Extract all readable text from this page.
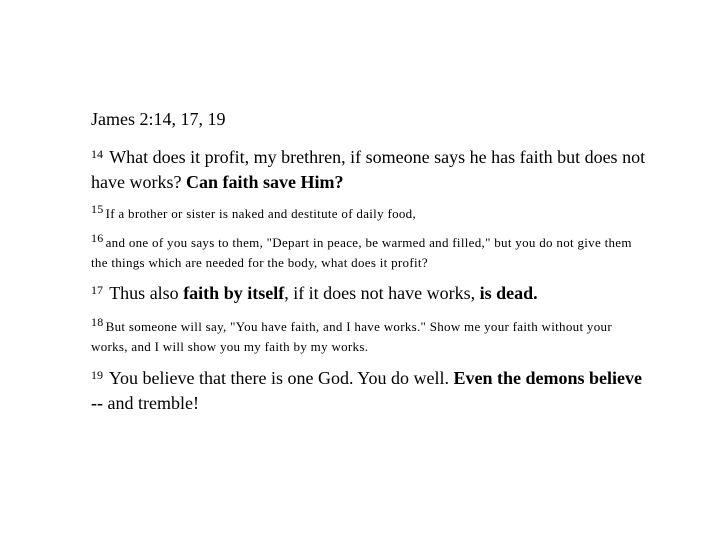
James 2:14, 17, 19
$^{14}$ What does it profit, my brethren, if someone says he has faith but does not have works? Can faith save Him?
15 If a brother or sister is naked and destitute of daily food,
16 and one of you says to them, "Depart in peace, be warmed and filled," but you do not give them the things which are needed for the body, what does it profit?
$^{17}$ Thus also faith by itself, if it does not have works, is dead.
18 But someone will say, "You have faith, and I have works." Show me your faith without your works, and I will show you my faith by my works.
$^{19}$ You believe that there is one God. You do well. Even the demons believe -- and tremble!
